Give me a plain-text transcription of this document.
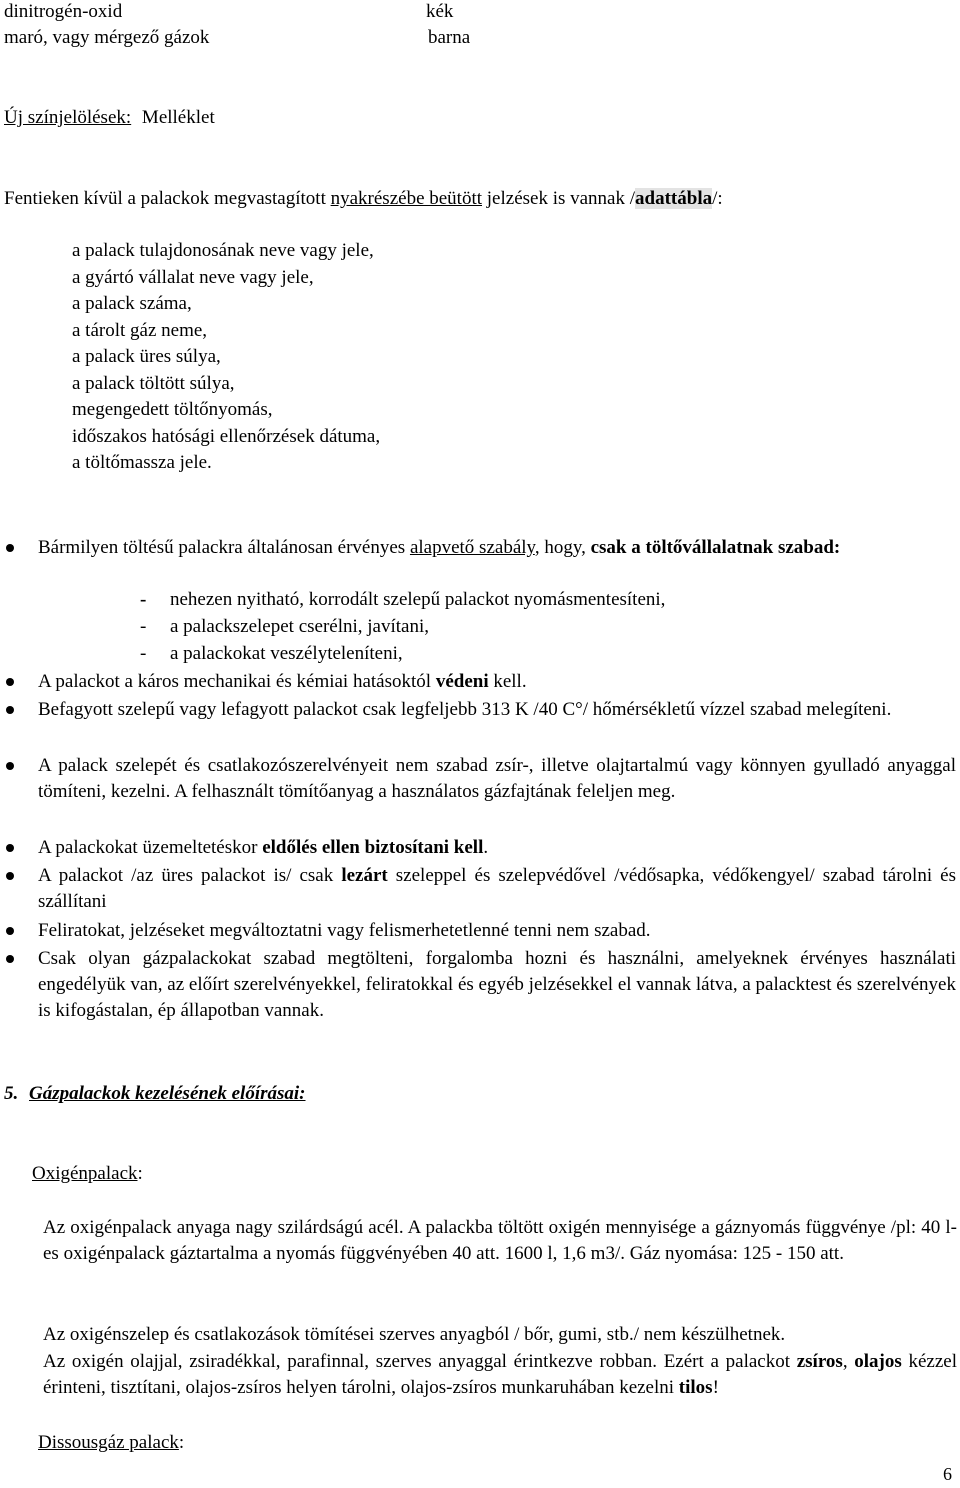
dinitrogén-oxid	kék
maró, vagy mérgező gázok	barna
Új színjelölések: Melléklet
Fentieken kívül a palackok megvastagított nyakrészébe beütött jelzések is vannak /adattábla/:
a palack tulajdonosának neve vagy jele,
a gyártó vállalat neve vagy jele,
a palack száma,
a tárolt gáz neme,
a palack üres súlya,
a palack töltött súlya,
megengedett töltőnyomás,
időszakos hatósági ellenőrzések dátuma,
a töltőmassza jele.
Bármilyen töltésű palackra általánosan érvényes alapvető szabály, hogy, csak a töltővállalatnak szabad:
- nehezen nyitható, korrodált szelepű palackot nyomásmentesíteni,
- a palackszelepet cserélni, javítani,
- a palackokat veszélyteleníteni,
A palackot a káros mechanikai és kémiai hatásoktól védeni kell.
Befagyott szelepű vagy lefagyott palackot csak legfeljebb 313 K /40 C°/ hőmérsékletű vízzel szabad melegíteni.
A palack szelepét és csatlakozószerelvényeit nem szabad zsír-, illetve olajtartalmú vagy könnyen gyulladó anyaggal tömíteni, kezelni. A felhasznált tömítőanyag a használatos gázfajtának feleljen meg.
A palackokat üzemeltetéskor eldőlés ellen biztosítani kell.
A palackot /az üres palackot is/ csak lezárt szeleppel és szelepvédővel /védősapka, védőkengyel/ szabad tárolni és szállítani
Feliratokat, jelzéseket megváltoztatni vagy felismerhetetlenné tenni nem szabad.
Csak olyan gázpalackokat szabad megtölteni, forgalomba hozni és használni, amelyeknek érvényes használati engedélyük van, az előírt szerelvényekkel, feliratokkal és egyéb jelzésekkel el vannak látva, a palacktest és szerelvények is kifogástalan, ép állapotban vannak.
5. Gázpalackok kezelésének előírásai:
Oxigénpalack:
Az oxigénpalack anyaga nagy szilárdságú acél. A palackba töltött oxigén mennyisége a gáznyomás függvénye /pl: 40 l-es oxigénpalack gáztartalma a nyomás függvényében 40 att. 1600 l, 1,6 m3/. Gáz nyomása: 125 - 150 att.
Az oxigénszelep és csatlakozások tömítései szerves anyagból / bőr, gumi, stb./ nem készülhetnek.
Az oxigén olajjal, zsiradékkal, parafinnal, szerves anyaggal érintkezve robban. Ezért a palackot zsíros, olajos kézzel érinteni, tisztítani, olajos-zsíros helyen tárolni, olajos-zsíros munkaruhában kezelni tilos!
Dissousgáz palack:
6
